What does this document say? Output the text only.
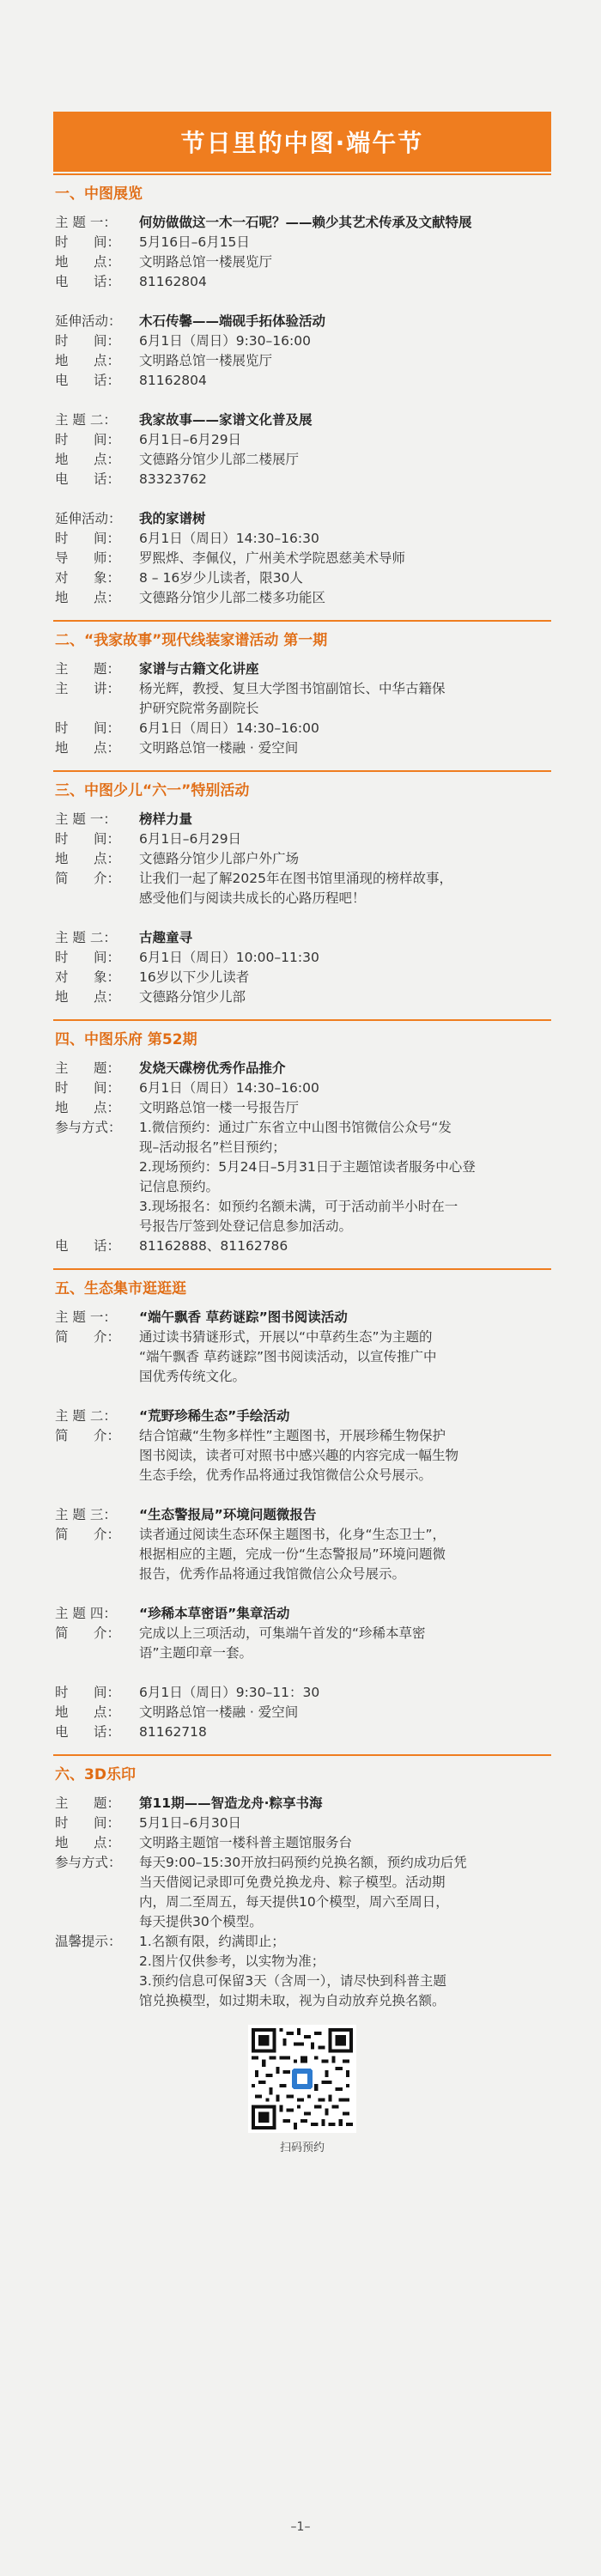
节日里的中图·端午节
一、中图展览
主 题 一：	何妨做做这一木一石呢？——赖少其艺术传承及文献特展
时      间：	5月16日–6月15日
地      点：	文明路总馆一楼展览厅
电      话：	81162804
延伸活动：	木石传馨——端砚手拓体验活动
时      间：	6月1日（周日）9:30–16:00
地      点：	文明路总馆一楼展览厅
电      话：	81162804
主 题 二：	我家故事——家谱文化普及展
时      间：	6月1日–6月29日
地      点：	文德路分馆少儿部二楼展厅
电      话：	83323762
延伸活动：	我的家谱树
时      间：	6月1日（周日）14:30–16:30
导      师：	罗熙烨、李佩仪，广州美术学院恩慈美术导师
对      象：	8 – 16岁少儿读者，限30人
地      点：	文德路分馆少儿部二楼多功能区
二、“我家故事”现代线装家谱活动 第一期
主      题：	家谱与古籍文化讲座
主      讲：	杨光辉，教授、复旦大学图书馆副馆长、中华古籍保
护研究院常务副院长
时      间：	6月1日（周日）14:30–16:00
地      点：	文明路总馆一楼融 · 爱空间
三、中图少儿“六一”特别活动
主 题 一：	榜样力量
时      间：	6月1日–6月29日
地      点：	文德路分馆少儿部户外广场
简      介：	让我们一起了解2025年在图书馆里涌现的榜样故事，
感受他们与阅读共成长的心路历程吧！
主 题 二：	古趣童寻
时      间：	6月1日（周日）10:00–11:30
对      象：	16岁以下少儿读者
地      点：	文德路分馆少儿部
四、中图乐府 第52期
主      题：	发烧天碟榜优秀作品推介
时      间：	6月1日（周日）14:30–16:00
地      点：	文明路总馆一楼一号报告厅
参与方式：	1.微信预约：通过广东省立中山图书馆微信公众号“发
现–活动报名”栏目预约；
2.现场预约：5月24日–5月31日于主题馆读者服务中心登
记信息预约。
3.现场报名：如预约名额未满，可于活动前半小时在一
号报告厅签到处登记信息参加活动。
电      话：	81162888、81162786
五、生态集市逛逛逛
主 题 一：	“端午飘香 草药谜踪”图书阅读活动
简      介：	通过读书猜谜形式，开展以“中草药生态”为主题的
“端午飘香 草药谜踪”图书阅读活动，以宣传推广中
国优秀传统文化。
主 题 二：	“荒野珍稀生态”手绘活动
简      介：	结合馆藏“生物多样性”主题图书，开展珍稀生物保护
图书阅读，读者可对照书中感兴趣的内容完成一幅生物
生态手绘，优秀作品将通过我馆微信公众号展示。
主 题 三：	“生态警报局”环境问题微报告
简      介：	读者通过阅读生态环保主题图书，化身“生态卫士”，
根据相应的主题，完成一份“生态警报局”环境问题微
报告，优秀作品将通过我馆微信公众号展示。
主 题 四：	“珍稀本草密语”集章活动
简      介：	完成以上三项活动，可集端午首发的“珍稀本草密
语”主题印章一套。
时      间：	6月1日（周日）9:30–11：30
地      点：	文明路总馆一楼融 · 爱空间
电      话：	81162718
六、3D乐印
主      题：	第11期——智造龙舟·粽享书海
时      间：	5月1日–6月30日
地      点：	文明路主题馆一楼科普主题馆服务台
参与方式：	每天9:00–15:30开放扫码预约兑换名额，预约成功后凭
当天借阅记录即可免费兑换龙舟、粽子模型。活动期
内，周二至周五，每天提供10个模型，周六至周日，
每天提供30个模型。
温馨提示：	1.名额有限，约满即止；
2.图片仅供参考，以实物为准；
3.预约信息可保留3天（含周一），请尽快到科普主题
馆兑换模型，如过期未取，视为自动放弃兑换名额。
扫码预约
–1–
